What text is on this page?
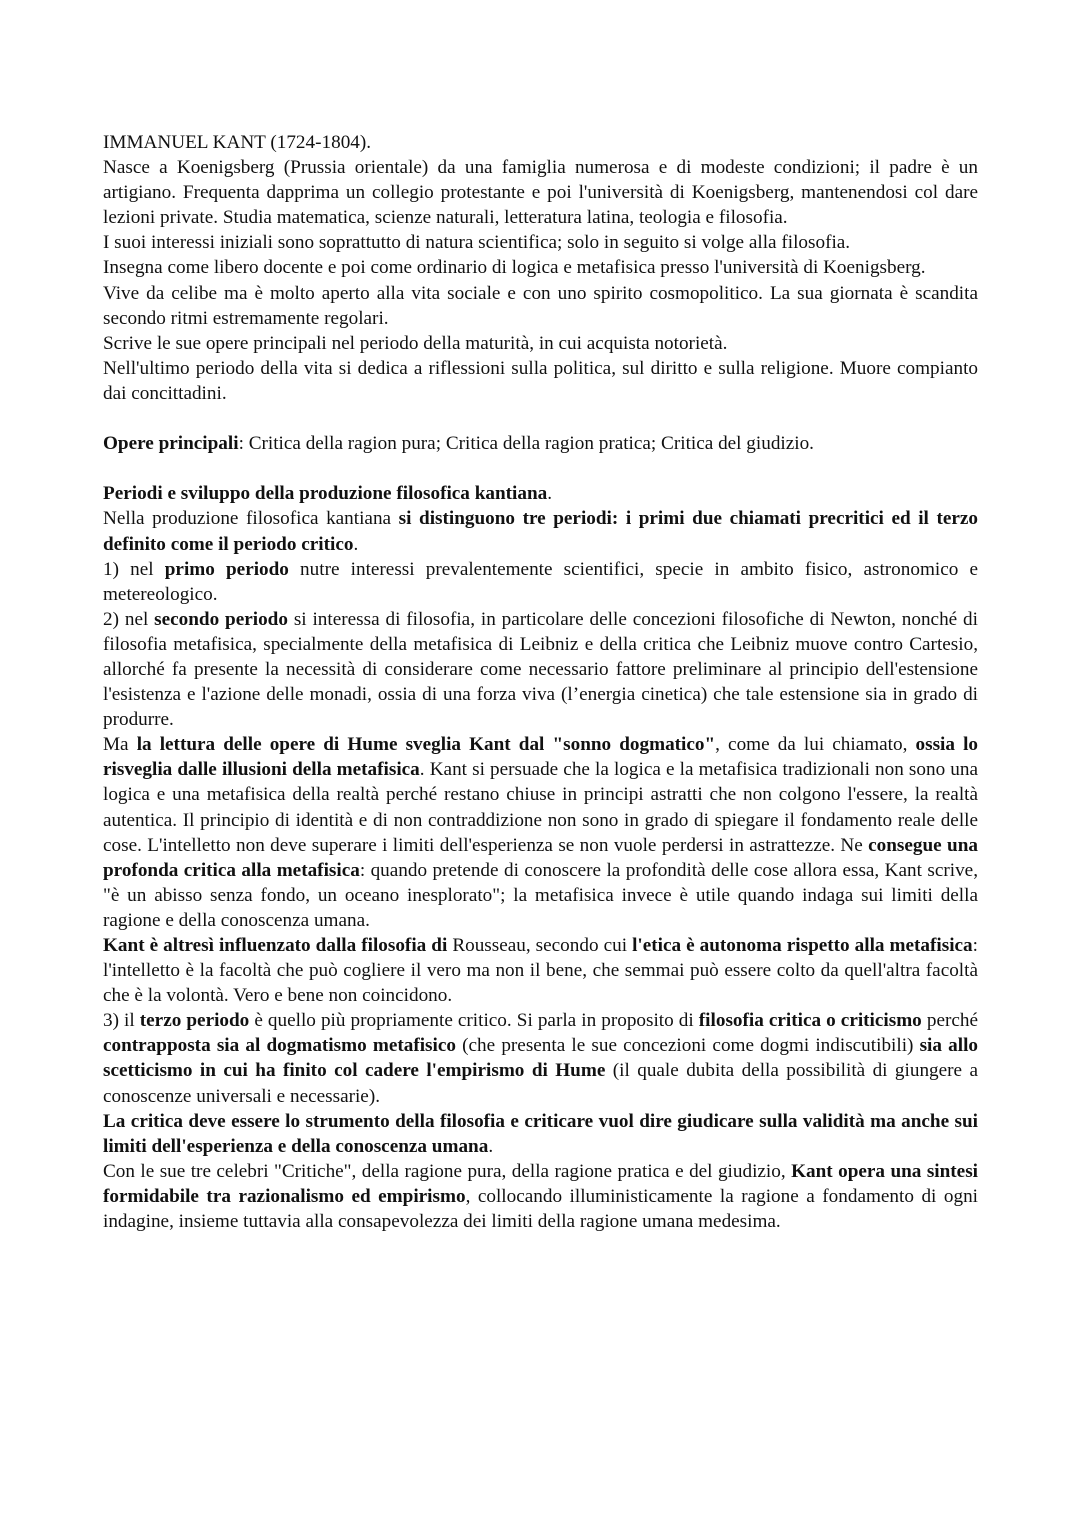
IMMANUEL KANT (1724-1804).

Nasce a Koenigsberg (Prussia orientale) da una famiglia numerosa e di modeste condizioni; il padre è un artigiano. Frequenta dapprima un collegio protestante e poi l'università di Koenigsberg, mantenendosi col dare lezioni private. Studia matematica, scienze naturali, letteratura latina, teologia e filosofia.

I suoi interessi iniziali sono soprattutto di natura scientifica; solo in seguito si volge alla filosofia.

Insegna come libero docente e poi come ordinario di logica e metafisica presso l'università di Koenigsberg.

Vive da celibe ma è molto aperto alla vita sociale e con uno spirito cosmopolitico. La sua giornata è scandita secondo ritmi estremamente regolari.

Scrive le sue opere principali nel periodo della maturità, in cui acquista notorietà.

Nell'ultimo periodo della vita si dedica a riflessioni sulla politica, sul diritto e sulla religione. Muore compianto dai concittadini.

Opere principali: Critica della ragion pura; Critica della ragion pratica; Critica del giudizio.

Periodi e sviluppo della produzione filosofica kantiana.

Nella produzione filosofica kantiana si distinguono tre periodi: i primi due chiamati precritici ed il terzo definito come il periodo critico.

1) nel primo periodo nutre interessi prevalentemente scientifici, specie in ambito fisico, astronomico e metereologico.

2) nel secondo periodo si interessa di filosofia, in particolare delle concezioni filosofiche di Newton, nonché di filosofia metafisica, specialmente della metafisica di Leibniz e della critica che Leibniz muove contro Cartesio, allorché fa presente la necessità di considerare come necessario fattore preliminare al principio dell'estensione l'esistenza e l'azione delle monadi, ossia di una forza viva (l’energia cinetica) che tale estensione sia in grado di produrre.

Ma la lettura delle opere di Hume sveglia Kant dal "sonno dogmatico", come da lui chiamato, ossia lo risveglia dalle illusioni della metafisica. Kant si persuade che la logica e la metafisica tradizionali non sono una logica e una metafisica della realtà perché restano chiuse in principi astratti che non colgono l'essere, la realtà autentica. Il principio di identità e di non contraddizione non sono in grado di spiegare il fondamento reale delle cose. L'intelletto non deve superare i limiti dell'esperienza se non vuole perdersi in astrattezze. Ne consegue una profonda critica alla metafisica: quando pretende di conoscere la profondità delle cose allora essa, Kant scrive, "è un abisso senza fondo, un oceano inesplorato"; la metafisica invece è utile quando indaga sui limiti della ragione e della conoscenza umana.

Kant è altresì influenzato dalla filosofia di Rousseau, secondo cui l'etica è autonoma rispetto alla metafisica: l'intelletto è la facoltà che può cogliere il vero ma non il bene, che semmai può essere colto da quell'altra facoltà che è la volontà. Vero e bene non coincidono.

3) il terzo periodo è quello più propriamente critico. Si parla in proposito di filosofia critica o criticismo perché contrapposta sia al dogmatismo metafisico (che presenta le sue concezioni come dogmi indiscutibili) sia allo scetticismo in cui ha finito col cadere l'empirismo di Hume (il quale dubita della possibilità di giungere a conoscenze universali e necessarie).

La critica deve essere lo strumento della filosofia e criticare vuol dire giudicare sulla validità ma anche sui limiti dell'esperienza e della conoscenza umana.

Con le sue tre celebri "Critiche", della ragione pura, della ragione pratica e del giudizio, Kant opera una sintesi formidabile tra razionalismo ed empirismo, collocando illuministicamente la ragione a fondamento di ogni indagine, insieme tuttavia alla consapevolezza dei limiti della ragione umana medesima.
